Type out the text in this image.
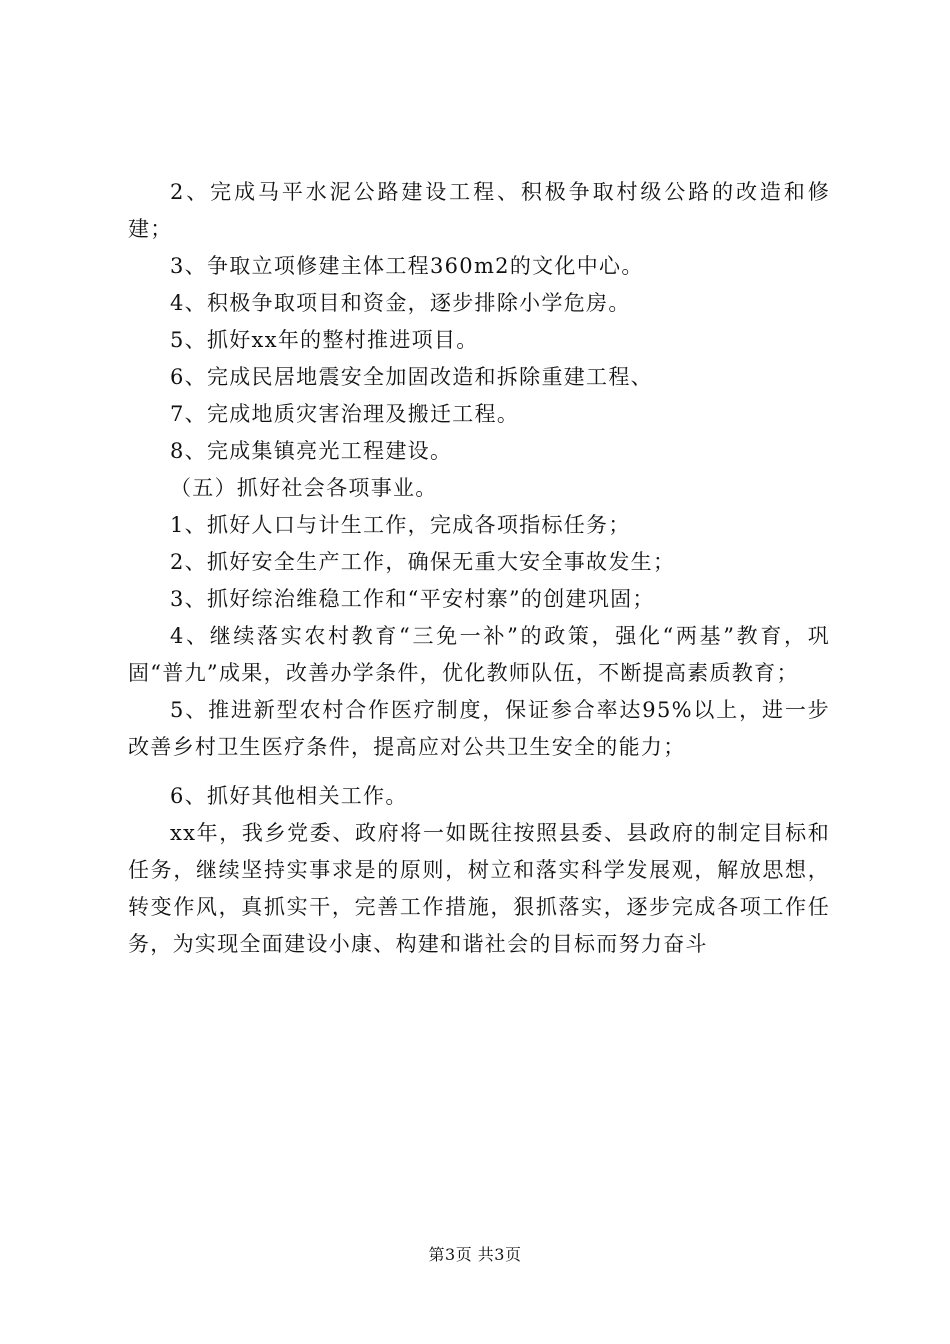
2、完成马平水泥公路建设工程、积极争取村级公路的改造和修建；

3、争取立项修建主体工程360m2的文化中心。

4、积极争取项目和资金，逐步排除小学危房。

5、抓好xx年的整村推进项目。

6、完成民居地震安全加固改造和拆除重建工程、

7、完成地质灾害治理及搬迁工程。

8、完成集镇亮光工程建设。

（五）抓好社会各项事业。

1、抓好人口与计生工作，完成各项指标任务；

2、抓好安全生产工作，确保无重大安全事故发生；

3、抓好综治维稳工作和“平安村寨”的创建巩固；

4、继续落实农村教育“三免一补”的政策，强化“两基”教育，巩固“普九”成果，改善办学条件，优化教师队伍，不断提高素质教育；

5、推进新型农村合作医疗制度，保证参合率达95%以上，进一步改善乡村卫生医疗条件，提高应对公共卫生安全的能力；

6、抓好其他相关工作。

xx年，我乡党委、政府将一如既往按照县委、县政府的制定目标和任务，继续坚持实事求是的原则，树立和落实科学发展观，解放思想，转变作风，真抓实干，完善工作措施，狠抓落实，逐步完成各项工作任务，为实现全面建设小康、构建和谐社会的目标而努力奋斗

第3页 共3页
